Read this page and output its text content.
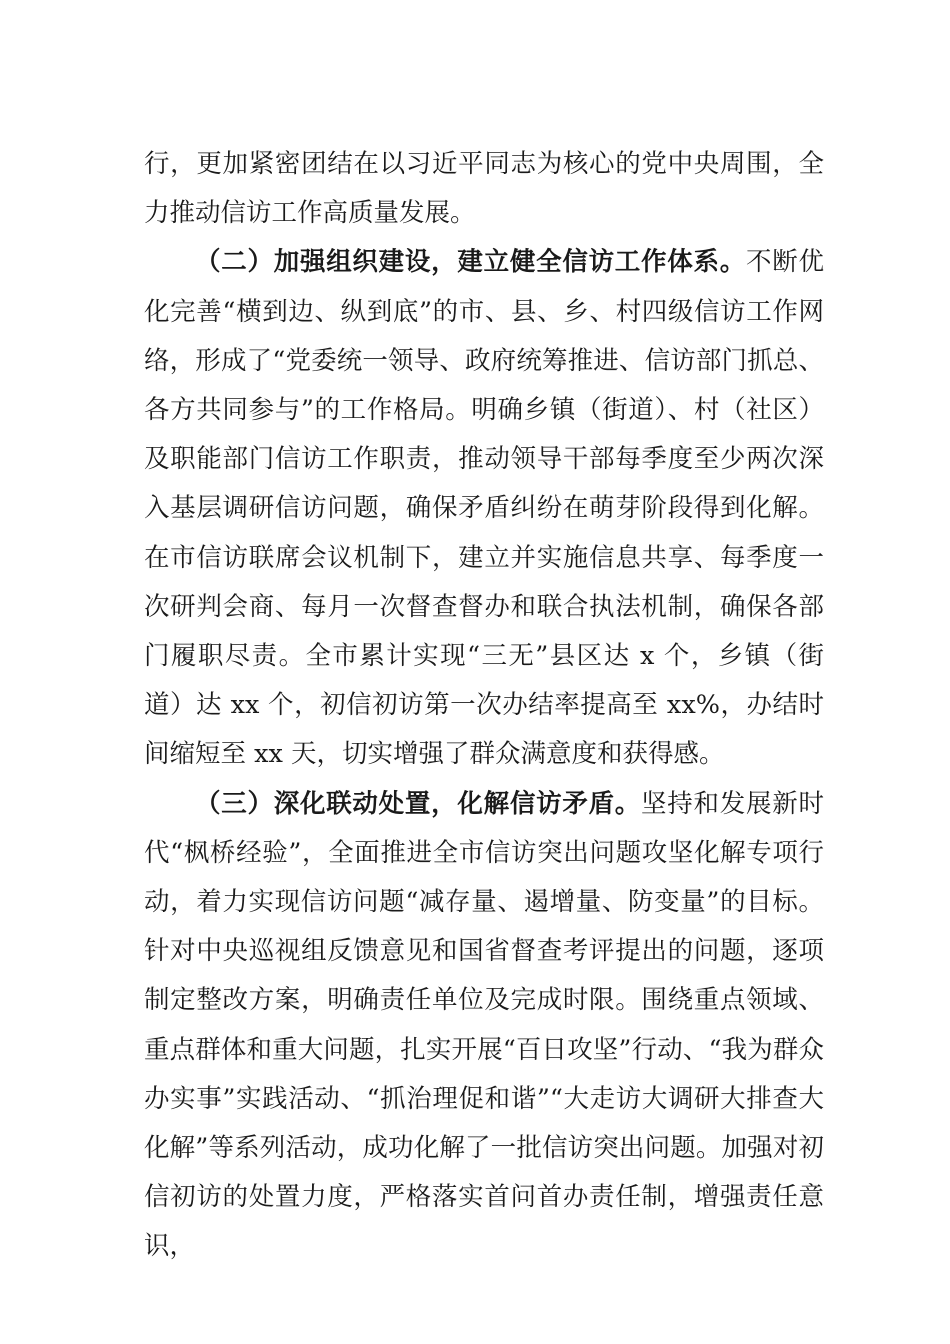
行，更加紧密团结在以习近平同志为核心的党中央周围，全力推动信访工作高质量发展。

（二）加强组织建设，建立健全信访工作体系。不断优化完善“横到边、纵到底”的市、县、乡、村四级信访工作网络，形成了“党委统一领导、政府统筹推进、信访部门抓总、各方共同参与”的工作格局。明确乡镇（街道）、村（社区）及职能部门信访工作职责，推动领导干部每季度至少两次深入基层调研信访问题，确保矛盾纠纷在萌芽阶段得到化解。在市信访联席会议机制下，建立并实施信息共享、每季度一次研判会商、每月一次督查督办和联合执法机制，确保各部门履职尽责。全市累计实现“三无”县区达 x 个，乡镇（街道）达 xx 个，初信初访第一次办结率提高至 xx%，办结时间缩短至 xx 天，切实增强了群众满意度和获得感。

（三）深化联动处置，化解信访矛盾。坚持和发展新时代“枫桥经验”，全面推进全市信访突出问题攻坚化解专项行动，着力实现信访问题“减存量、遏增量、防变量”的目标。针对中央巡视组反馈意见和国省督查考评提出的问题，逐项制定整改方案，明确责任单位及完成时限。围绕重点领域、重点群体和重大问题，扎实开展“百日攻坚”行动、“我为群众办实事”实践活动、“抓治理促和谐”“大走访大调研大排查大化解”等系列活动，成功化解了一批信访突出问题。加强对初信初访的处置力度，严格落实首问首办责任制，增强责任意识，
